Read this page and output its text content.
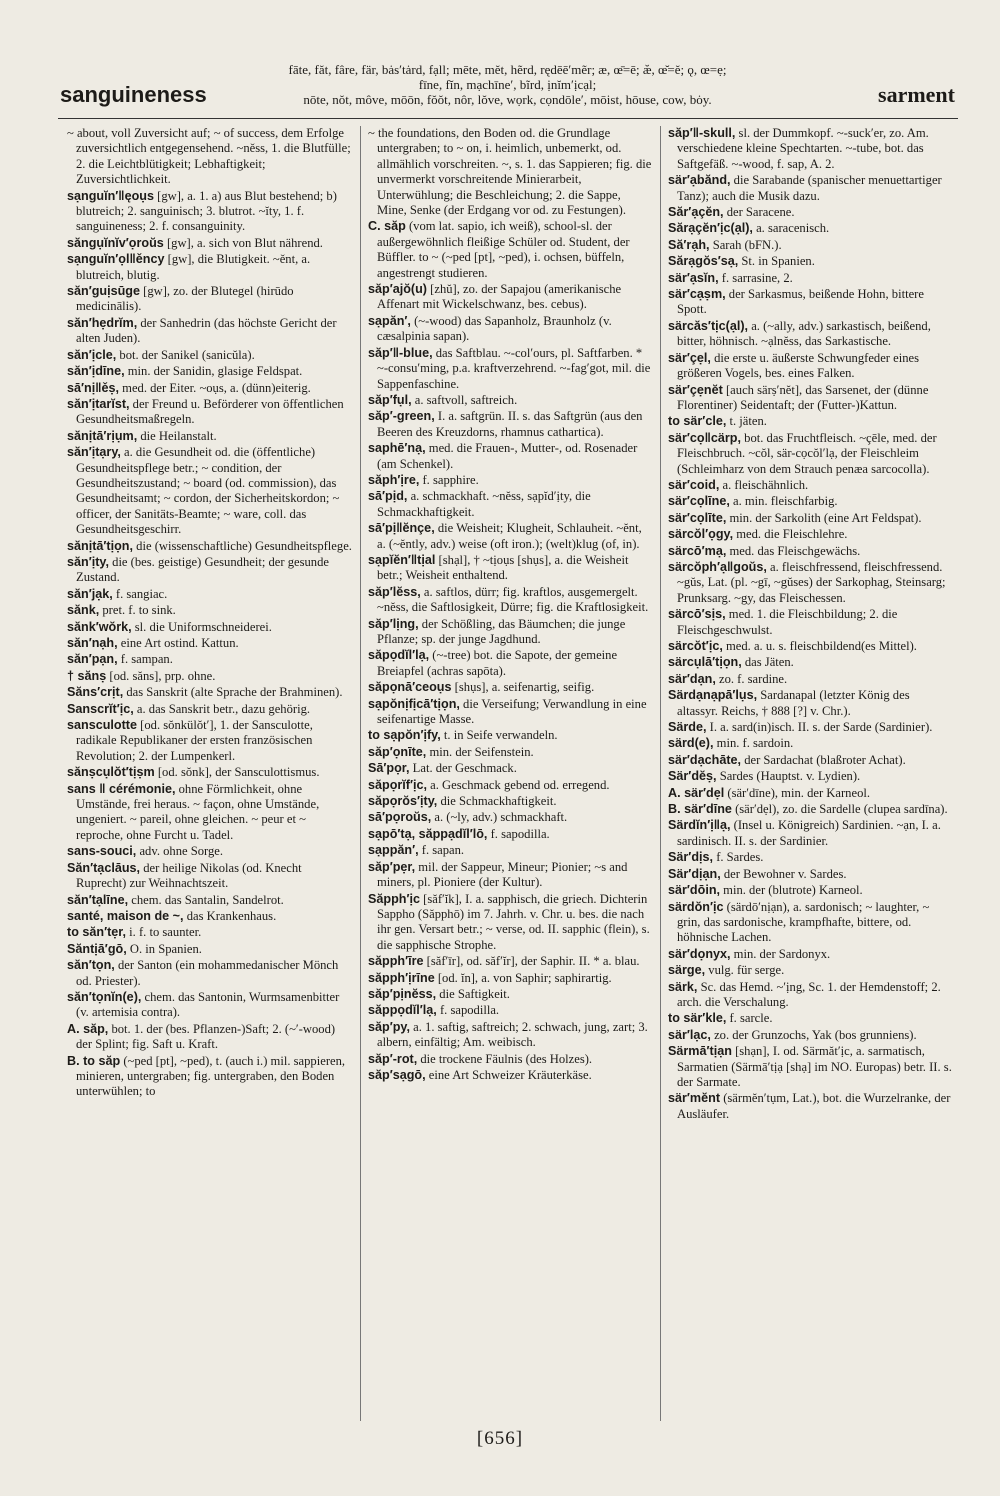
sanguineness
fāte, făt, fâre, fär, bȧs′tȧrd, fạll; mēte, mĕt, hẽrd, rędēē′mẽr; æ, œ̄=ē; æ̆, œ̆=ĕ; ǫ, œ=ẹ;
fīne, fĭn, mạchīne′, bĩrd, ịnĭm′ịcạl;
nōte, nŏt, môve, mōōn, fŏŏt, nôr, lŏve, wọrk, cọndōle′, mōist, hōuse, cow, bȯy.	sarment
~ about, voll Zuversicht auf; ~ of success, dem Erfolge zuversichtlich entgegensehend. ~něss, 1. die Blutfülle; 2. die Leichtblütigkeit; Lebhaftigkeit; Zuversichtlichkeit.
sạnguĭn′‖ęoụs [gw], a. 1. a) aus Blut bestehend; b) blutreich; 2. sanguinisch; 3. blutrot. ~ĭty, 1. f. sanguineness; 2. f. consanguinity.
săngụĭnĭv′ọroŭs [gw], a. sich von Blut nährend.
sạnguĭn′ọl‖ěncy [gw], die Blutigkeit. ~ěnt, a. blutreich, blutig.
săn′guịsūge [gw], zo. der Blutegel (hirūdo medicinālis).
săn′hẹdrĭm, der Sanhedrin (das höchste Gericht der alten Juden).
săn′ịcle, bot. der Sanikel (sanicŭla).
săn′ịdīne, min. der Sanidin, glasige Feldspat.
sā′nị‖ěṣ, med. der Eiter. ~oụs, a. (dünn)eiterig.
săn′ịtarĭst, der Freund u. Beförderer von öffentlichen Gesundheitsmaßregeln.
sănịtā′rịụm, die Heilanstalt.
săn′ịtạry, a. die Gesundheit od. die (öffentliche) Gesundheitspflege betr.; ~ condition, der Gesundheitszustand; ~ board (od. commission), das Gesundheitsamt; ~ cordon, der Sicherheitskordon; ~ officer, der Sanitäts-Beamte; ~ ware, coll. das Gesundheitsgeschirr.
sănịtā′tịọn, die (wissenschaftliche) Gesundheitspflege.
săn′ịty, die (bes. geistige) Gesundheit; der gesunde Zustand.
săn′jạk, f. sangiac.
sănk, pret. f. to sink.
sănk′wŏrk, sl. die Uniformschneiderei.
săn′nạh, eine Art ostind. Kattun.
săn′pạn, f. sampan.
† sănṣ [od. săns], prp. ohne.
Săns′crịt, das Sanskrit (alte Sprache der Brahminen).
Sanscrĭt′ịc, a. das Sanskrit betr., dazu gehörig.
sansculotte [od. sŏnkülŏt′], 1. der Sansculotte, radikale Republikaner der ersten französischen Revolution; 2. der Lumpenkerl.
sănṣcụlŏt′tịṣm [od. sŏnk], der Sansculottismus.
sans ‖ cérémonie, ohne Förmlichkeit, ohne Umstände, frei heraus. ~ façon, ohne Umstände, ungeniert. ~ pareil, ohne gleichen. ~ peur et ~ reproche, ohne Furcht u. Tadel.
sans-souci, adv. ohne Sorge.
Săn′tạclāus, der heilige Nikolas (od. Knecht Ruprecht) zur Weihnachtszeit.
săn′tạlīne, chem. das Santalin, Sandelrot.
santé, maison de ~, das Krankenhaus.
to săn′tẹr, i. f. to saunter.
Săntịā′gō, O. in Spanien.
săn′tọn, der Santon (ein mohammedanischer Mönch od. Priester).
săn′tọnĭn(e), chem. das Santonin, Wurmsamenbitter (v. artemisia contra).
A. săp, bot. 1. der (bes. Pflanzen-)Saft; 2. (~′-wood) der Splint; fig. Saft u. Kraft.
B. to săp (~ped [pt], ~ped), t. (auch i.) mil. sappieren, minieren, untergraben; fig. untergraben, den Boden unterwühlen; to
~ the foundations, den Boden od. die Grundlage untergraben; to ~ on, i. heimlich, unbemerkt, od. allmählich vorschreiten. ~, s. 1. das Sappieren; fig. die unvermerkt vorschreitende Minierarbeit, Unterwühlung; die Beschleichung; 2. die Sappe, Mine, Senke (der Erdgang vor od. zu Festungen).
C. săp (vom lat. sapio, ich weiß), school-sl. der außergewöhnlich fleißige Schüler od. Student, der Büffler. to ~ (~ped [pt], ~ped), i. ochsen, büffeln, angestrengt studieren.
săp′ajŏ(u) [zhŭ], zo. der Sapajou (amerikanische Affenart mit Wickelschwanz, bes. cebus).
sạpăn′, (~-wood) das Sapanholz, Braunholz (v. cæsalpinia sapan).
săp′‖-blue, das Saftblau. ~-col′ours, pl. Saftfarben. * ~-consu′ming, p.a. kraftverzehrend. ~-fag′got, mil. die Sappenfaschine.
săp′fụl, a. saftvoll, saftreich.
săp′-green, I. a. saftgrün. II. s. das Saftgrün (aus den Beeren des Kreuzdorns, rhamnus cathartica).
saphē′nạ, med. die Frauen-, Mutter-, od. Rosenader (am Schenkel).
săph′ịre, f. sapphire.
sā′pịd, a. schmackhaft. ~nĕss, sạpĭd′ịty, die Schmackhaftigkeit.
sā′pị‖ĕnçe, die Weisheit; Klugheit, Schlauheit. ~ĕnt, a. (~ĕntly, adv.) weise (oft iron.); (welt)klug (of, in).
sạpĭĕn′‖tịal [shạl], † ~tịoụs [shụs], a. die Weisheit betr.; Weisheit enthaltend.
săp′lĕss, a. saftlos, dürr; fig. kraftlos, ausgemergelt. ~nĕss, die Saftlosigkeit, Dürre; fig. die Kraftlosigkeit.
săp′lịng, der Schößling, das Bäumchen; die junge Pflanze; sp. der junge Jagdhund.
săpọdĭl′lạ, (~-tree) bot. die Sapote, der gemeine Breiapfel (achras sapōta).
săpọnā′ceoụs [shụs], a. seifenartig, seifig.
sạpŏnịfịcā′tịọn, die Verseifung; Verwandlung in eine seifenartige Masse.
to sạpŏn′ịfy, t. in Seife verwandeln.
săp′ọnīte, min. der Seifenstein.
Sā′pọr, Lat. der Geschmack.
săpọrĭf′ịc, a. Geschmack gebend od. erregend.
săpọrŏs′ịty, die Schmackhaftigkeit.
sā′pọroŭs, a. (~ly, adv.) schmackhaft.
sạpō′tạ, săppạdĭl′lō, f. sapodilla.
sạppăn′, f. sapan.
săp′pẹr, mil. der Sappeur, Mineur; Pionier; ~s and miners, pl. Pioniere (der Kultur).
Săpph′ịc [săf′ĭk], I. a. sapphisch, die griech. Dichterin Sappho (Săpphō) im 7. Jahrh. v. Chr. u. bes. die nach ihr gen. Versart betr.; ~ verse, od. II. sapphic (flein), s. die sapphische Strophe.
săpph′īre [săf′īr], od. săf′ĭr], der Saphir. II. * a. blau.
săpph′ịrīne [od. ĭn], a. von Saphir; saphirartig.
săp′pịnĕss, die Saftigkeit.
săppọdĭl′lạ, f. sapodilla.
săp′py, a. 1. saftig, saftreich; 2. schwach, jung, zart; 3. albern, einfältig; Am. weibisch.
săp′-rot, die trockene Fäulnis (des Holzes).
săp′sạgō, eine Art Schweizer Kräuterkäse.
săp′‖-skull, sl. der Dummkopf. ~-suck′er, zo. Am. verschiedene kleine Spechtarten. ~-tube, bot. das Saftgefäß. ~-wood, f. sap, A. 2.
sär′ạbănd, die Sarabande (spanischer menuettartiger Tanz); auch die Musik dazu.
Săr′ạçĕn, der Saracene.
Sărạçĕn′ịc(ạl), a. saracenisch.
Să′rạh, Sarah (bFN.).
Sărạgŏs′sạ, St. in Spanien.
sär′ạsĭn, f. sarrasine, 2.
sär′cạṣm, der Sarkasmus, beißende Hohn, bittere Spott.
särcăs′tịc(ạl), a. (~ally, adv.) sarkastisch, beißend, bitter, höhnisch. ~ạlnĕss, das Sarkastische.
sär′çẹl, die erste u. äußerste Schwungfeder eines größeren Vogels, bes. eines Falken.
sär′çẹnĕt [auch särṣ′nĕt], das Sarsenet, der (dünne Florentiner) Seidentaft; der (Futter-)Kattun.
to sär′cle, t. jäten.
sär′cọ‖cärp, bot. das Fruchtfleisch. ~çēle, med. der Fleischbruch. ~cŏl, sär-cọcŏl′lạ, der Fleischleim (Schleimharz von dem Strauch penæa sarcocolla).
sär′coid, a. fleischähnlich.
sär′cọlīne, a. min. fleischfarbig.
sär′cọlīte, min. der Sarkolith (eine Art Feldspat).
särcŏl′ọgy, med. die Fleischlehre.
särcō′mạ, med. das Fleischgewächs.
särcŏph′ạ‖goŭs, a. fleischfressend, fleischfressend. ~gŭs, Lat. (pl. ~gī, ~gŭses) der Sarkophag, Steinsarg; Prunksarg. ~gy, das Fleischessen.
särcō′sịs, med. 1. die Fleischbildung; 2. die Fleischgeschwulst.
särcŏt′ịc, med. a. u. s. fleischbildend(es Mittel).
särcụlā′tịọn, das Jäten.
sär′dạn, zo. f. sardine.
Särdạnạpā′lụs, Sardanapal (letzter König des altassyr. Reichs, † 888 [?] v. Chr.).
Särde, I. a. sard(in)isch. II. s. der Sarde (Sardinier).
särd(e), min. f. sardoin.
sär′dạchāte, der Sardachat (blaßroter Achat).
Sär′dĕṣ, Sardes (Hauptst. v. Lydien).
A. sär′dẹl (sär′dīne), min. der Karneol.
B. sär′dīne (sär′dẹl), zo. die Sardelle (clupea sardīna).
Särdĭn′ị‖ạ, (Insel u. Königreich) Sardinien. ~ạn, I. a. sardinisch. II. s. der Sardinier.
Sär′dịs, f. Sardes.
Sär′dịạn, der Bewohner v. Sardes.
sär′dōin, min. der (blutrote) Karneol.
särdŏn′ịc (särdō′nịạn), a. sardonisch; ~ laughter, ~ grin, das sardonische, krampfhafte, bittere, od. höhnische Lachen.
sär′dọnyx, min. der Sardonyx.
särge, vulg. für serge.
särk, Sc. das Hemd. ~′ịng, Sc. 1. der Hemdenstoff; 2. arch. die Verschalung.
to sär′kle, f. sarcle.
sär′lạc, zo. der Grunzochs, Yak (bos grunniens).
Särmā′tịạn [shạn], I. od. Särmăt′ịc, a. sarmatisch, Sarmatien (Särmā′tịạ [shạ] im NO. Europas) betr. II. s. der Sarmate.
sär′mĕnt (särmĕn′tụm, Lat.), bot. die Wurzelranke, der Ausläufer.
[656]
